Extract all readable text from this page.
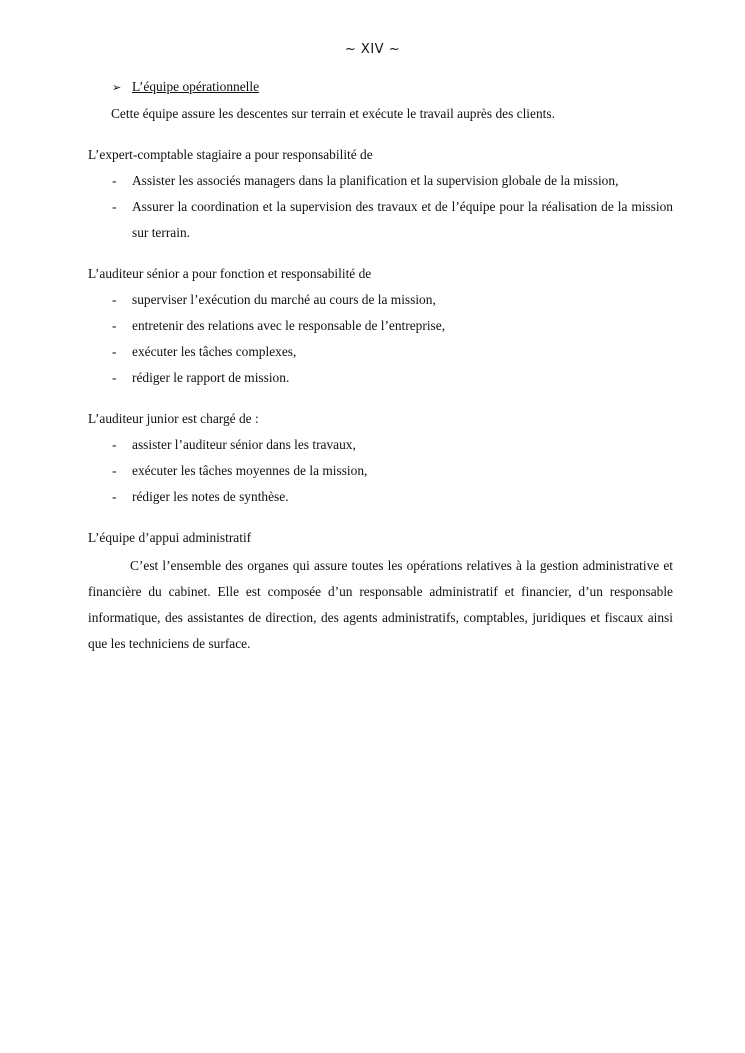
~ XIV ~
➢ L’équipe opérationnelle
Cette équipe assure les descentes sur terrain et exécute le travail auprès des clients.
L’expert-comptable stagiaire a pour responsabilité de
-	Assister les associés managers dans la planification et la supervision globale de la mission,
-	Assurer la coordination et la supervision des travaux et de l’équipe pour la réalisation de la mission sur terrain.
L’auditeur sénior a pour fonction et responsabilité de
-	superviser l’exécution du marché au cours de la mission,
-	entretenir des relations avec le responsable de l’entreprise,
-	exécuter les tâches complexes,
-	rédiger le rapport de mission.
L’auditeur junior est chargé de :
-	assister l’auditeur sénior dans les travaux,
-	exécuter les tâches moyennes de la mission,
-	rédiger les notes de synthèse.
L’équipe d’appui administratif
C’est l’ensemble des organes qui assure toutes les opérations relatives à la gestion administrative et financière du cabinet. Elle est composée d’un responsable administratif et financier, d’un responsable informatique, des assistantes de direction, des agents administratifs, comptables, juridiques et fiscaux ainsi que les techniciens de surface.
